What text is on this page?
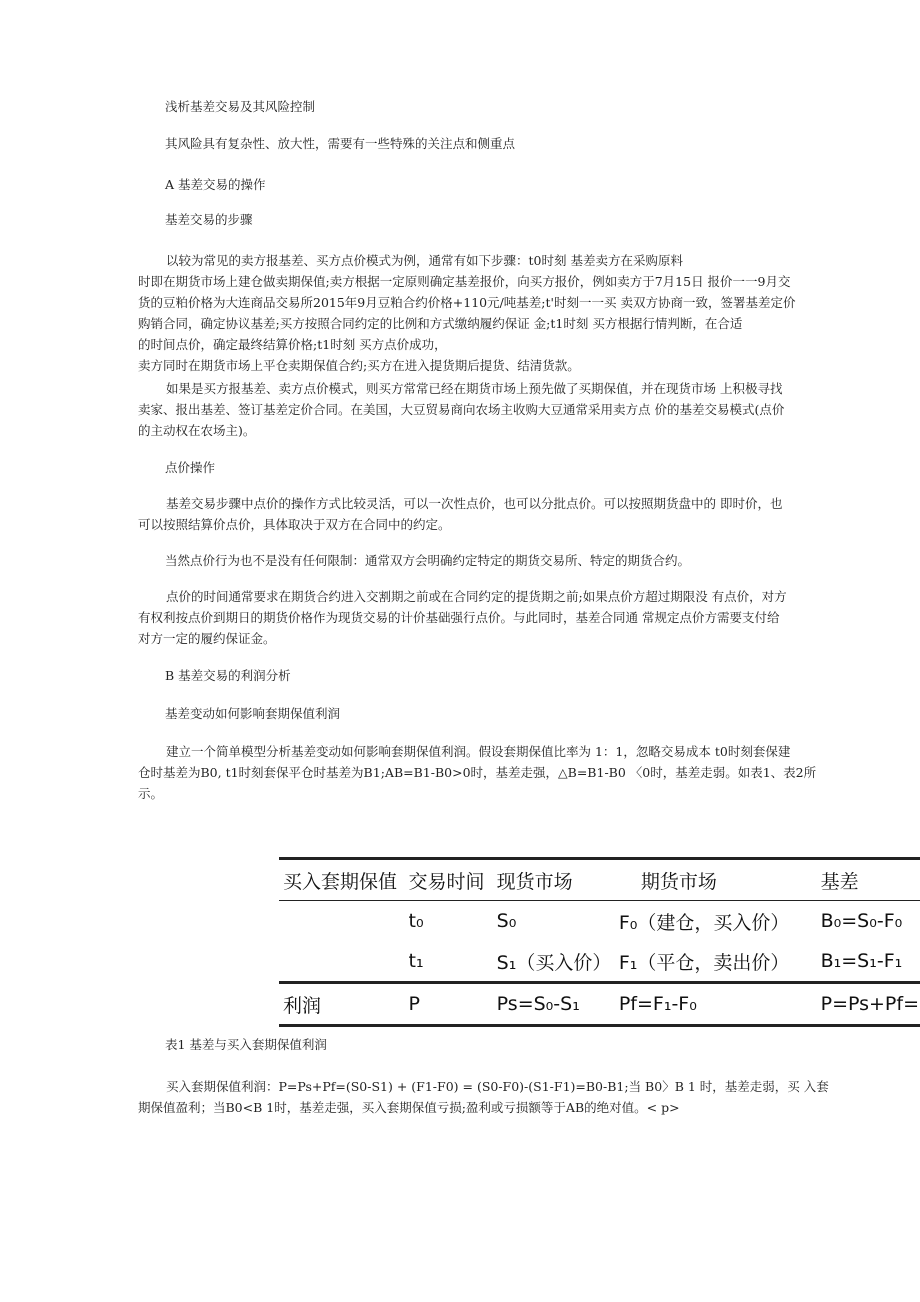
浅析基差交易及其风险控制
其风险具有复杂性、放大性，需要有一些特殊的关注点和侧重点
A 基差交易的操作
基差交易的步骤
以较为常见的卖方报基差、买方点价模式为例，通常有如下步骤：t0时刻 基差卖方在采购原料
时即在期货市场上建仓做卖期保值;卖方根据一定原则确定基差报价，向买方报价，例如卖方于7月15日 报价一一9月交
货的豆粕价格为大连商品交易所2015年9月豆粕合约价格+110元/吨基差;t'时刻一一买 卖双方协商一致，签署基差定价
购销合同，确定协议基差;买方按照合同约定的比例和方式缴纳履约保证 金;t1时刻 买方根据行情判断，在合适
的时间点价，确定最终结算价格;t1时刻 买方点价成功，
卖方同时在期货市场上平仓卖期保值合约;买方在进入提货期后提货、结清货款。
如果是买方报基差、卖方点价模式，则买方常常已经在期货市场上预先做了买期保值，并在现货市场 上积极寻找
卖家、报出基差、签订基差定价合同。在美国，大豆贸易商向农场主收购大豆通常采用卖方点 价的基差交易模式(点价
的主动权在农场主)。
点价操作
基差交易步骤中点价的操作方式比较灵活，可以一次性点价，也可以分批点价。可以按照期货盘中的 即时价，也
可以按照结算价点价，具体取决于双方在合同中的约定。
当然点价行为也不是没有任何限制：通常双方会明确约定特定的期货交易所、特定的期货合约。
点价的时间通常要求在期货合约进入交割期之前或在合同约定的提货期之前;如果点价方超过期限没 有点价，对方
有权利按点价到期日的期货价格作为现货交易的计价基础强行点价。与此同时，基差合同通 常规定点价方需要支付给
对方一定的履约保证金。
B 基差交易的利润分析
基差变动如何影响套期保值利润
建立一个简单模型分析基差变动如何影响套期保值利润。假设套期保值比率为 1：1，忽略交易成本 t0时刻套保建
仓时基差为B0, t1时刻套保平仓时基差为B1;AB=B1-B0>0时，基差走强，△B=B1-B0 〈0时，基差走弱。如表1、表2所
示。
买入套期保值	交易时间	现货市场	期货市场	基差
	t₀	S₀	F₀（建仓，买入价）	B₀=S₀-F₀
	t₁	S₁（买入价）	F₁（平仓，卖出价）	B₁=S₁-F₁
利润	P	Ps=S₀-S₁	Pf=F₁-F₀	P=Ps+Pf=
表1 基差与买入套期保值利润
买入套期保值利润：P=Ps+Pf=(S0-S1) + (F1-F0) = (S0-F0)-(S1-F1)=B0-B1;当 B0〉B 1 时，基差走弱，买 入套
期保值盈利；当B0<B 1时，基差走强，买入套期保值亏损;盈利或亏损额等于AB的绝对值。< p>
